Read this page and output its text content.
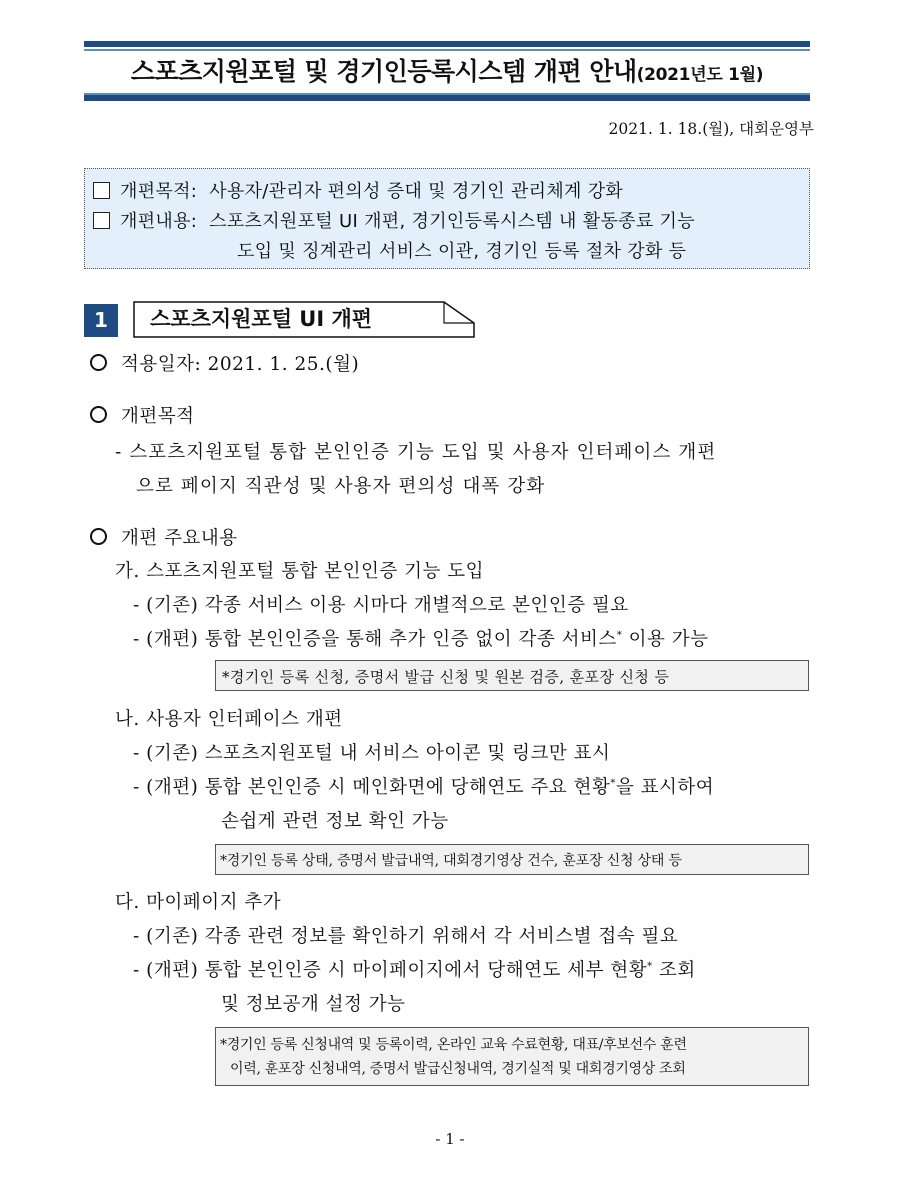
스포츠지원포털 및 경기인등록시스템 개편 안내(2021년도 1월)
2021. 1. 18.(월), 대회운영부
개편목적: 사용자/관리자 편의성 증대 및 경기인 관리체계 강화
개편내용: 스포츠지원포털 UI 개편, 경기인등록시스템 내 활동종료 기능
도입 및 징계관리 서비스 이관, 경기인 등록 절차 강화 등
1	스포츠지원포털 UI 개편
적용일자: 2021. 1. 25.(월)
개편목적
- 스포츠지원포털 통합 본인인증 기능 도입 및 사용자 인터페이스 개편
으로 페이지 직관성 및 사용자 편의성 대폭 강화
개편 주요내용
가. 스포츠지원포털 통합 본인인증 기능 도입
- (기존) 각종 서비스 이용 시마다 개별적으로 본인인증 필요
- (개편) 통합 본인인증을 통해 추가 인증 없이 각종 서비스* 이용 가능
*경기인 등록 신청, 증명서 발급 신청 및 원본 검증, 훈포장 신청 등
나. 사용자 인터페이스 개편
- (기존) 스포츠지원포털 내 서비스 아이콘 및 링크만 표시
- (개편) 통합 본인인증 시 메인화면에 당해연도 주요 현황*을 표시하여
손쉽게 관련 정보 확인 가능
*경기인 등록 상태, 증명서 발급내역, 대회경기영상 건수, 훈포장 신청 상태 등
다. 마이페이지 추가
- (기존) 각종 관련 정보를 확인하기 위해서 각 서비스별 접속 필요
- (개편) 통합 본인인증 시 마이페이지에서 당해연도 세부 현황* 조회
및 정보공개 설정 가능
*경기인 등록 신청내역 및 등록이력, 온라인 교육 수료현황, 대표/후보선수 훈련
이력, 훈포장 신청내역, 증명서 발급신청내역, 경기실적 및 대회경기영상 조회
- 1 -
